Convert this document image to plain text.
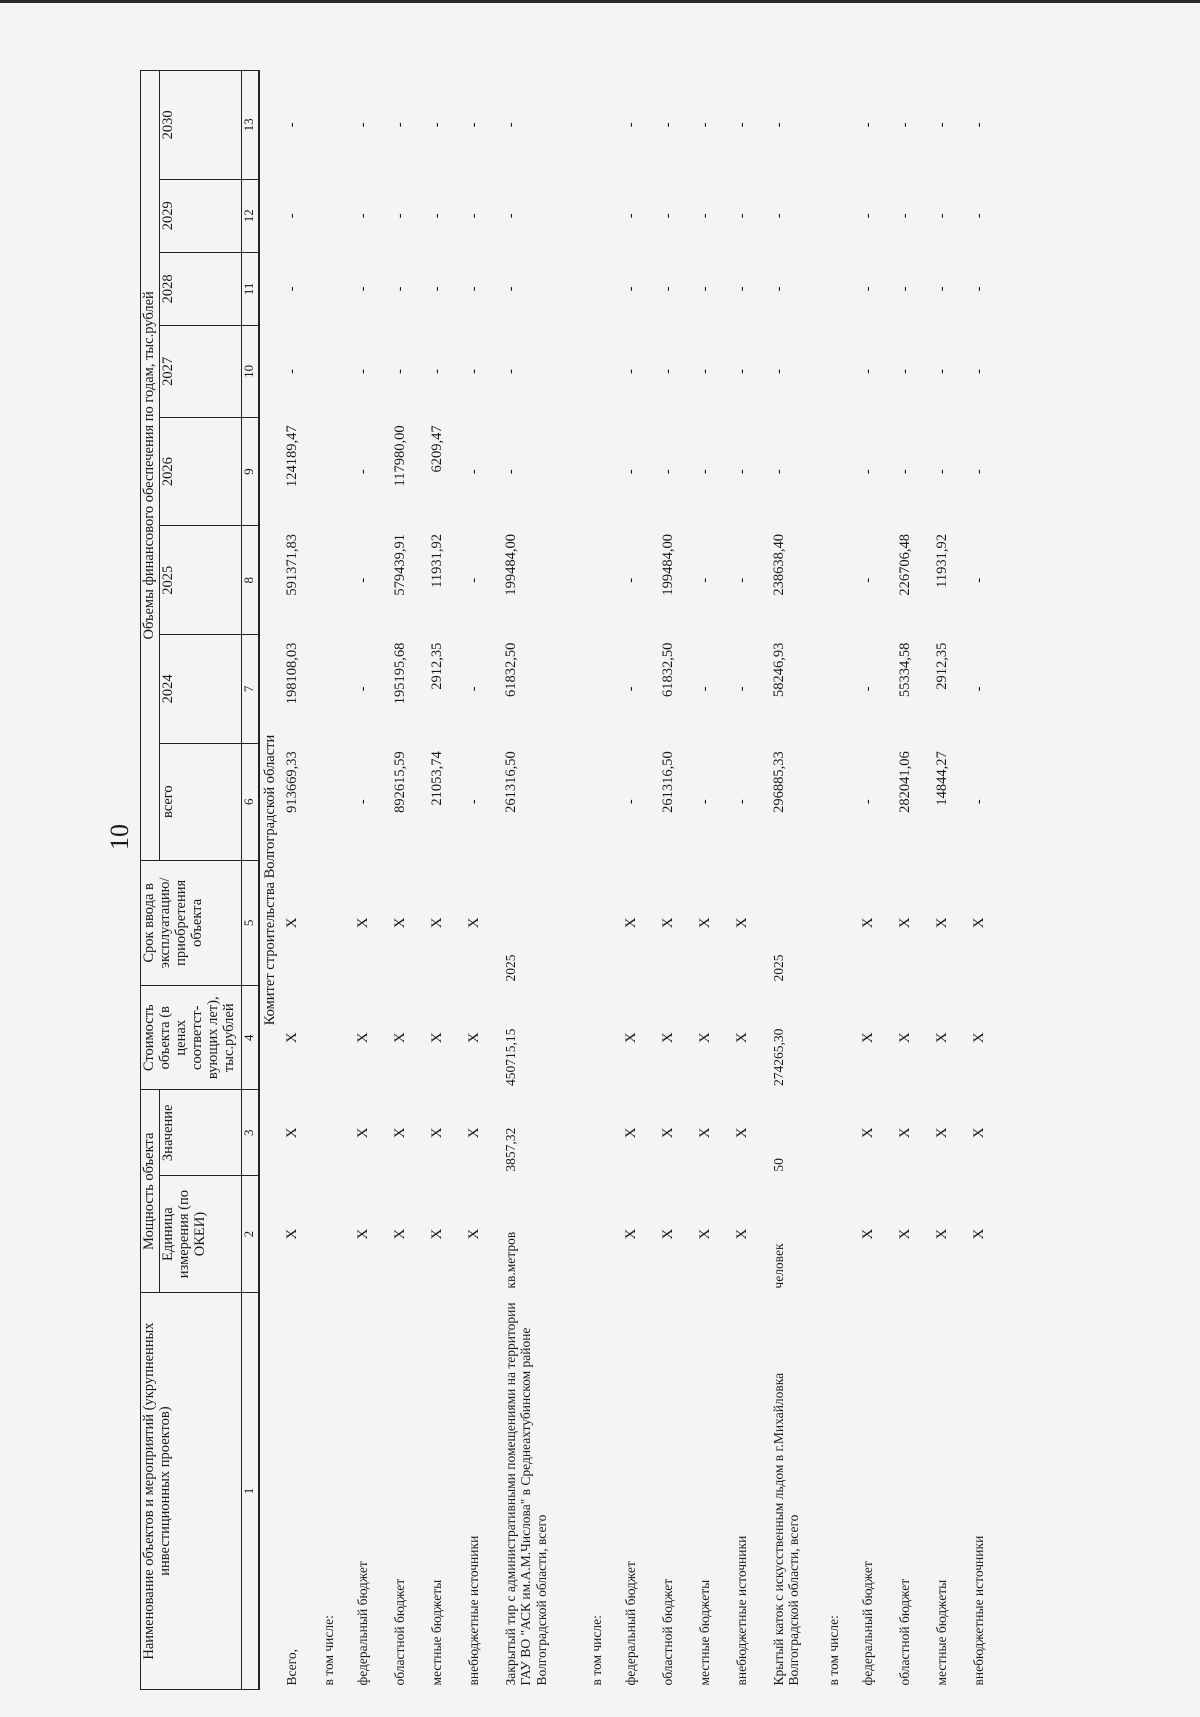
10
Наименование объектов и мероприятий (укрупненных инвестиционных проектов)	Мощность объекта		Стоимость объекта (в ценах соответст-вующих лет), тыс.рублей	Срок ввода в эксплуатацию/ приобретения объекта	Объемы финансового обеспечения по годам, тыс.рублей							
	Единица измерения (по ОКЕИ)	Значение			всего	2024	2025	2026	2027	2028	2029	2030
1	2	3	4	5	6	7	8	9	10	11	12	13
Комитет строительства Волгоградской области												
Всего,	X	X	X	X	913669,33	198108,03	591371,83	124189,47	-	-	-	-
в том числе:												
федеральный бюджет	X	X	X	X	-	-	-	-	-	-	-	-
областной бюджет	X	X	X	X	892615,59	195195,68	579439,91	117980,00	-	-	-	-
местные бюджеты	X	X	X	X	21053,74	2912,35	11931,92	6209,47	-	-	-	-
внебюджетные источники	X	X	X	X	-	-	-	-	-	-	-	-
Закрытый тир с административными помещениями на территории ГАУ ВО "АСК им.А.М.Числова" в Среднеахтубинском районе Волгоградской области, всего	кв.метров	3857,32	450715,15	2025	261316,50	61832,50	199484,00	-	-	-	-	-
в том числе:												
федеральный бюджет	X	X	X	X	-	-	-	-	-	-	-	-
областной бюджет	X	X	X	X	261316,50	61832,50	199484,00	-	-	-	-	-
местные бюджеты	X	X	X	X	-	-	-	-	-	-	-	-
внебюджетные источники	X	X	X	X	-	-	-	-	-	-	-	-
Крытый каток с искусственным льдом в г.Михайловка Волгоградской области, всего	человек	50	274265,30	2025	296885,33	58246,93	238638,40	-	-	-	-	-
в том числе:												
федеральный бюджет	X	X	X	X	-	-	-	-	-	-	-	-
областной бюджет	X	X	X	X	282041,06	55334,58	226706,48	-	-	-	-	-
местные бюджеты	X	X	X	X	14844,27	2912,35	11931,92	-	-	-	-	-
внебюджетные источники	X	X	X	X	-	-	-	-	-	-	-	-
